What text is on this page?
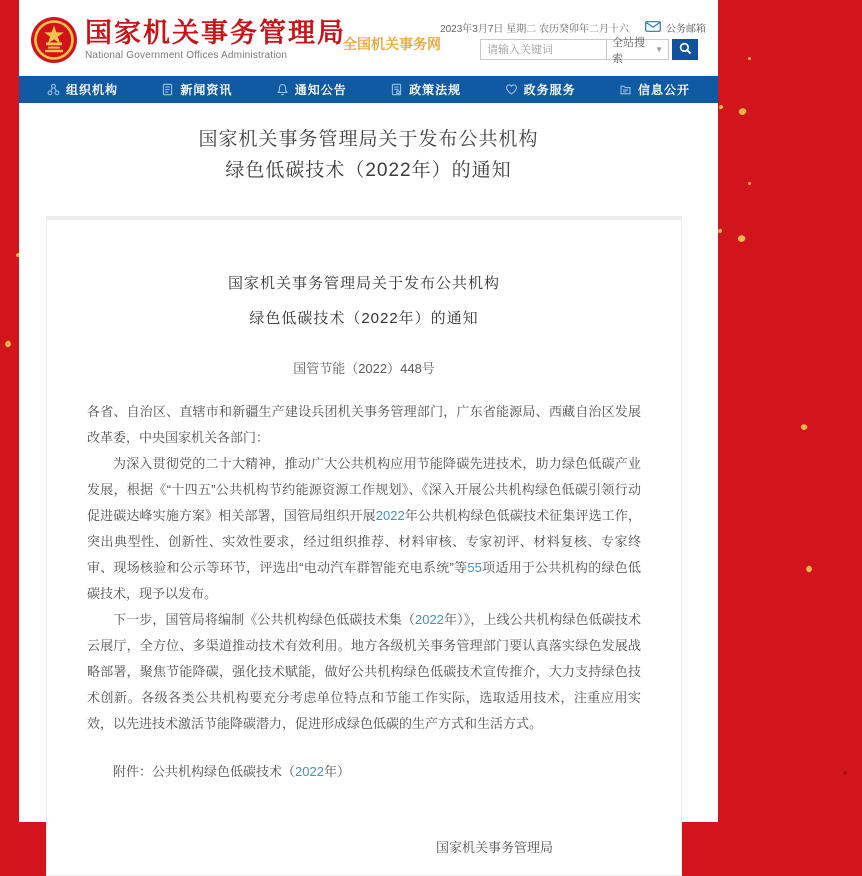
国家机关事务管理局
National Government Offices Administration
全国机关事务网
2023年3月7日 星期二 农历癸卯年二月十六	公务邮箱
请输入关键词
全站搜索
▼
组织机构	新闻资讯	通知公告	政策法规	政务服务	信息公开
国家机关事务管理局关于发布公共机构
绿色低碳技术（2022年）的通知
国家机关事务管理局关于发布公共机构
绿色低碳技术（2022年）的通知
国管节能（2022）448号

各省、自治区、直辖市和新疆生产建设兵团机关事务管理部门，广东省能源局、西藏自治区发展改革委，中央国家机关各部门：

为深入贯彻党的二十大精神，推动广大公共机构应用节能降碳先进技术，助力绿色低碳产业发展，根据《“十四五”公共机构节约能源资源工作规划》、《深入开展公共机构绿色低碳引领行动促进碳达峰实施方案》相关部署，国管局组织开展2022年公共机构绿色低碳技术征集评选工作，突出典型性、创新性、实效性要求，经过组织推荐、材料审核、专家初评、材料复核、专家终审、现场核验和公示等环节，评选出“电动汽车群智能充电系统”等55项适用于公共机构的绿色低碳技术，现予以发布。

下一步，国管局将编制《公共机构绿色低碳技术集（2022年）》，上线公共机构绿色低碳技术云展厅，全方位、多渠道推动技术有效利用。地方各级机关事务管理部门要认真落实绿色发展战略部署，聚焦节能降碳，强化技术赋能，做好公共机构绿色低碳技术宣传推介，大力支持绿色技术创新。各级各类公共机构要充分考虑单位特点和节能工作实际，选取适用技术，注重应用实效，以先进技术激活节能降碳潜力，促进形成绿色低碳的生产方式和生活方式。

附件：公共机构绿色低碳技术（2022年）
国家机关事务管理局
